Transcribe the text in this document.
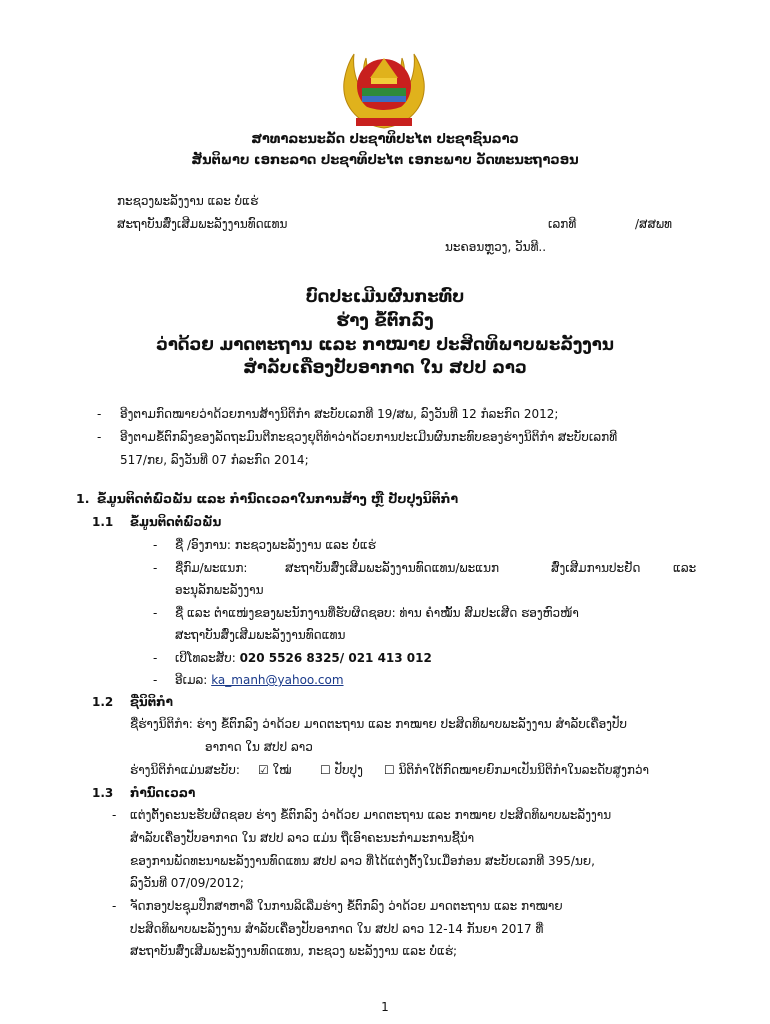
ສາທາລະນະລັດ ປະຊາທິປະໄຕ ປະຊາຊົນລາວ
ສັນຕິພາບ ເອກະລາດ ປະຊາທິປະໄຕ ເອກະພາບ ວັດທະນະຖາວອນ
ກະຊວງພະລັງງານ ແລະ ບໍ່ແຮ່
ສະຖາບັນສົ່ງເສີມພະລັງງານທົດແທນ	ເລກທີ	/ສສພທ
ນະຄອນຫຼວງ, ວັນທີ..
ບົດປະເມີນຜົນກະທົບ
ຮ່າງ ຂໍ້ຕົກລົງ
ວ່າດ້ວຍ ມາດຕະຖານ ແລະ ກາໝາຍ ປະສິດທິພາບພະລັງງານ
ສຳລັບເຄື່ອງປັບອາກາດ ໃນ ສປປ ລາວ
- ອີງຕາມກົດໝາຍວ່າດ້ວຍການສ້າງນິຕິກຳ ສະບັບເລກທີ 19/ສພ, ລົງວັນທີ 12 ກໍລະກົດ 2012;
- ອີງຕາມຂໍ້ຕົກລົງຂອງລັດຖະມົນຕີກະຊວງຍຸຕິທຳວ່າດ້ວຍການປະເມີນຜົນກະທົບຂອງຮ່າງນິຕິກຳ ສະບັບເລກທີ
517/ກຍ, ລົງວັນທີ 07 ກໍລະກົດ 2014;
1. ຂໍ້ມູນຕິດຕໍ່ພົວພັນ ແລະ ກຳນົດເວລາໃນການສ້າງ ຫຼື ປັບປຸງນິຕິກຳ
1.1 ຂໍ້ມູນຕິດຕໍ່ພົວພັນ
- ຊື່ /ອົງການ: ກະຊວງພະລັງງານ ແລະ ບໍ່ແຮ່
- ຊື່ກົມ/ພະແນກ:	ສະຖາບັນສົ່ງເສີມພະລັງງານທົດແທນ/ພະແນກ	ສົ່ງເສີມການປະຢັດ	ແລະ
ອະນຸລັກພະລັງງານ
- ຊື່ ແລະ ຕຳແໜ່ງຂອງພະນັກງານທີ່ຮັບຜິດຊອບ: ທ່ານ ຄຳໝັ້ນ ສົມປະເສີດ ຮອງຫົວໜ້າ
ສະຖາບັນສົ່ງເສີມພະລັງງານທົດແທນ
- ເບີໂທລະສັບ: 020 5526 8325/ 021 413 012
- ອີເມລ: ka_manh@yahoo.com
1.2 ຊື່ນິຕິກຳ
ຊື່ຮ່າງນິຕິກຳ: ຮ່າງ ຂໍ້ຕົກລົງ ວ່າດ້ວຍ ມາດຕະຖານ ແລະ ກາໝາຍ ປະສິດທິພາບພະລັງງານ ສຳລັບເຄື່ອງປັບ
ອາກາດ ໃນ ສປປ ລາວ
ຮ່າງນິຕິກຳແມ່ນສະບັບ: ☑ ໃໝ່ ☐ ປັບປຸງ ☐ ນິຕິກຳໃຕ້ກົດໝາຍຍົກມາເປັນນິຕິກຳໃນລະດັບສູງກວ່າ
1.3 ກຳນົດເວລາ
- ແຕ່ງຕັ້ງຄະນະຮັບຜິດຊອບ ຮ່າງ ຂໍ້ຕົກລົງ ວ່າດ້ວຍ ມາດຕະຖານ ແລະ ກາໝາຍ ປະສິດທິພາບພະລັງງານ
ສຳລັບເຄື່ອງປັບອາກາດ ໃນ ສປປ ລາວ ແມ່ນ ຖືເອົາຄະນະກຳມະການຊີ້ນຳ
ຂອງການພັດທະນາພະລັງງານທົດແທນ ສປປ ລາວ ທີ່ໄດ້ແຕ່ງຕັ້ງໃນເມື່ອກ່ອນ ສະບັບເລກທີ 395/ນຍ,
ລົງວັນທີ 07/09/2012;
- ຈັດກອງປະຊຸມປຶກສາຫາລື ໃນການລິເລີ່ມຮ່າງ ຂໍ້ຕົກລົງ ວ່າດ້ວຍ ມາດຕະຖານ ແລະ ກາໝາຍ
ປະສິດທິພາບພະລັງງານ ສຳລັບເຄື່ອງປັບອາກາດ ໃນ ສປປ ລາວ 12-14 ກັນຍາ 2017 ທີ່
ສະຖາບັນສົ່ງເສີມພະລັງງານທົດແທນ, ກະຊວງ ພະລັງງານ ແລະ ບໍ່ແຮ່;
1
